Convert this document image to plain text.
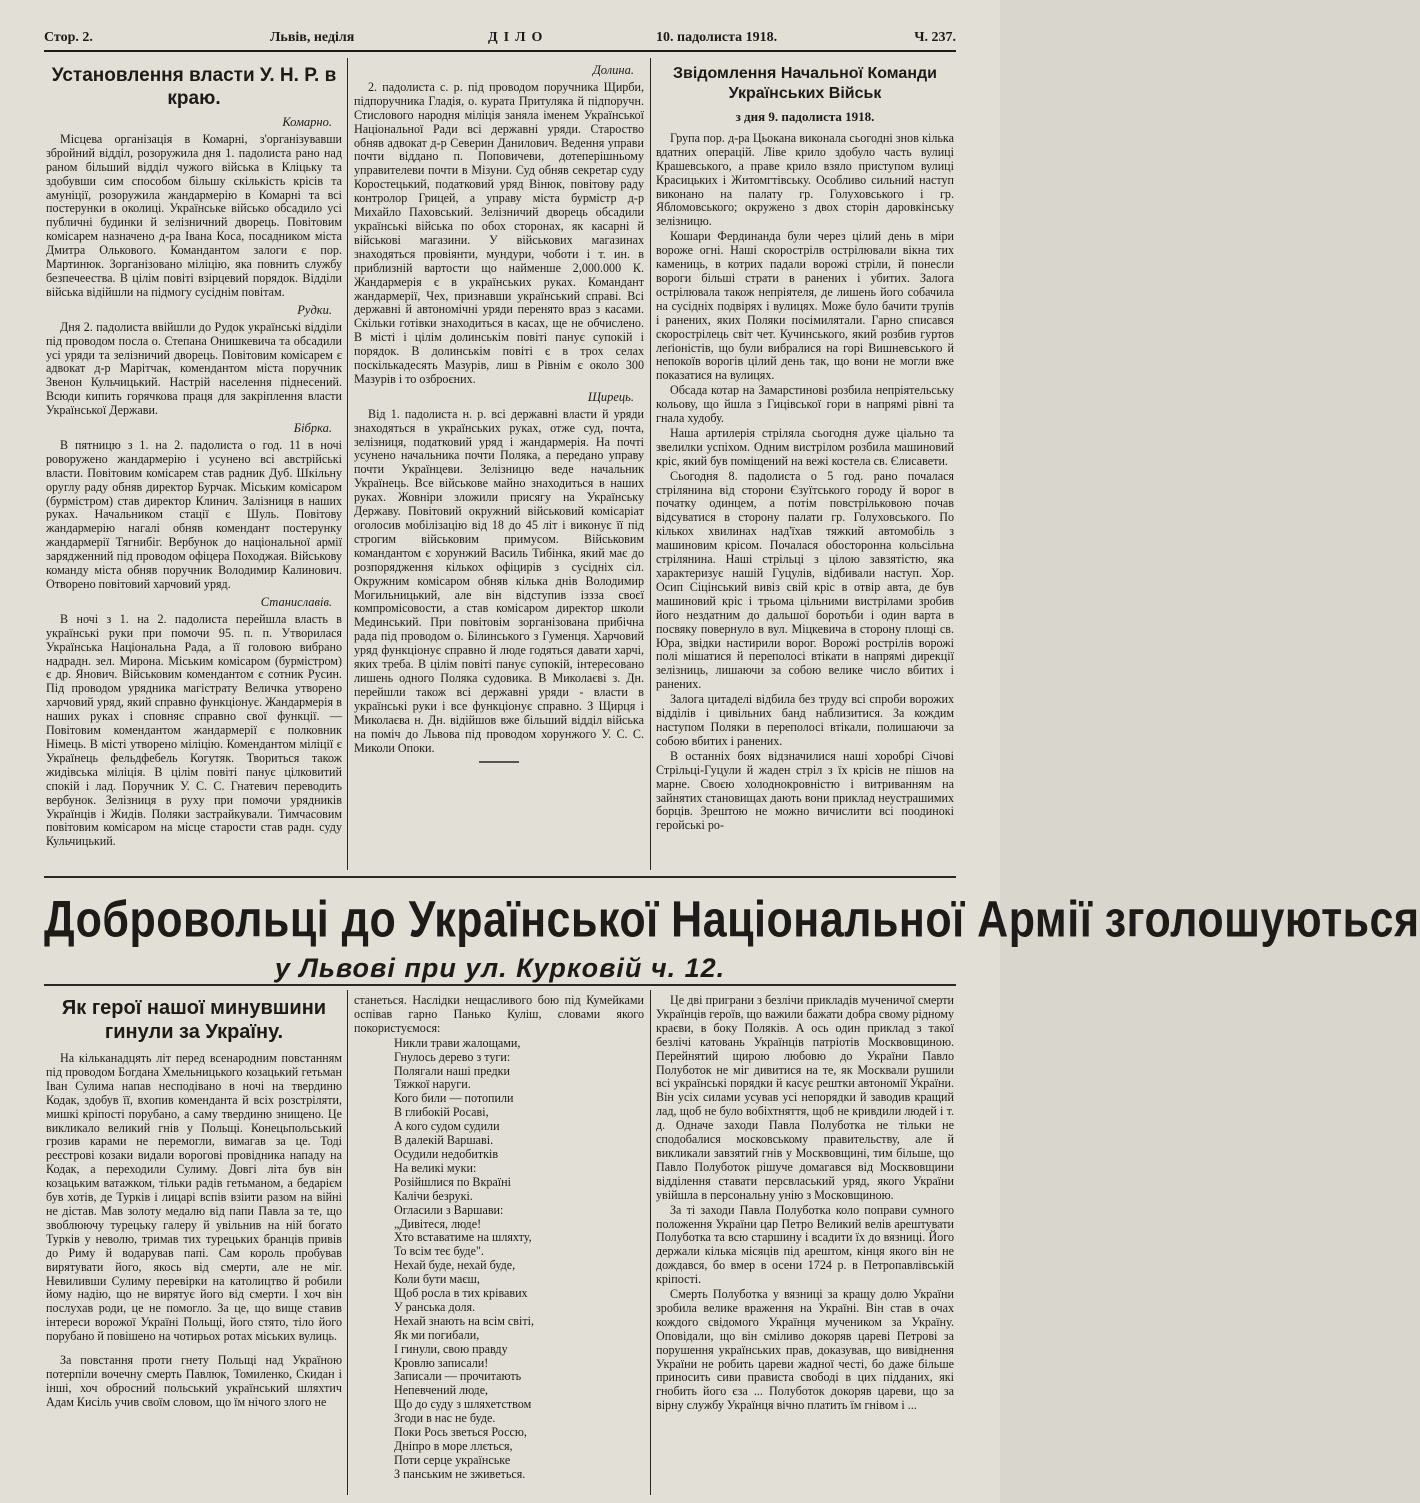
Стор. 2.	Львів, неділя	ДІЛО	10. падолиста 1918.	Ч. 237.
Установлення власти У. Н. Р. в краю.
Комарно.

Місцева організація в Комарні, з'організувавши збройний відділ, розоружила дня 1. падолиста рано над раном більший відділ чужого війська в Кліцьку та здобувши сим способом більшу скількість крісів та амуніції, розоружила жандармерію в Комарні та всі постерунки в околиці. Українське військо обсадило усі публичні будинки й зелізничний дворець. Повітовим комісарем назначено д-ра Івана Коса, посадником міста Дмитра Олькового. Командантом залоги є пор. Мартинюк. Зорганізовано міліцію, яка повнить службу безпечеества. В цілім повіті взірцевий порядок. Відділи війська відійшли на підмогу сусіднім повітам.

Рудки.

Дня 2. падолиста ввійшли до Рудок українські відділи під проводом посла о. Степана Онишкевича та обсадили усі уряди та зелізничий дворець. Повітовим комісарем є адвокат д-р Марітчак, комендантом міста поручник Звенон Кульчицький. Настрій населення піднесений. Всюди кипить горячкова праця для закріплення власти Української Держави.

Бібрка.

В пятницю з 1. на 2. падолиста о год. 11 в ночі роворужено жандармерію і усунено всі австрійські власти. Повітовим комісарем став радник Дуб. Шкільну оруглу раду обняв директор Бурчак. Міським комісаром (бурмістром) став директор Клинич. Залізниця в наших руках. Начальником стації є Шуль. Повітову жандармерію нагалі обняв комендант постерунку жандармерії Тягнибіг. Вербунок до національної армії зарядженний під проводом офіцера Походжая. Військову команду міста обняв поручник Володимир Калинович. Отворено повітовий харчовий уряд.

Станиславів.

В ночі з 1. на 2. падолиста перейшла власть в українські руки при помочи 95. п. п. Утворилася Українська Національна Рада, а її головою вибрано надрадн. зел. Мирона. Міським комісаром (бурмістром) є др. Янович. Військовим комендантом є сотник Русин. Під проводом урядника магістрату Величка утворено харчовий уряд, який справно функціонує. Жандармерія в наших руках і сповняє справно свої функції. — Повітовим комендантом жандармерії є полковник Німець. В місті утворено міліцію. Комендантом міліції є Українець фельдфебель Когутяк. Твориться також жидівська міліція. В цілім повіті панує цілковитий спокій і лад. Поручник У. С. С. Гнатевич переводить вербунок. Зелізниця в руху при помочи урядників Українців і Жидів. Поляки застрайкували. Тимчасовим повітовим комісаром на місце старости став радн. суду Кульчицький.

Долина.

2. падолиста с. р. під проводом поручника Щирби, підпоручника Гладія, о. курата Притуляка й підпоручн. Стислового народня міліція заняла іменем Української Національної Ради всі державні уряди. Староство обняв адвокат д-р Северин Данилович. Ведення управи почти віддано п. Поповичеви, дотеперішньому управителеви почти в Мізуни. Суд обняв секретар суду Коростецький, податковий уряд Вінюк, повітову раду контролор Грицей, а управу міста бурмістр д-р Михайло Паховський. Зелізничий дворець обсадили українські війська по обох сторонах, як касарні й військові магазини. У військових магазинах знаходяться провіянти, мундури, чоботи і т. ин. в приблизній вартости що найменше 2,000.000 К. Жандармерія є в українських руках. Командант жандармерії, Чех, признавши український справі. Всі державні й автономічні уряди перенято враз з касами. Скільки готівки знаходиться в касах, ще не обчислено. В місті і цілім долинськім повіті панує супокій і порядок. В долинськім повіті є в трох селах поскількадесять Мазурів, лиш в Рівнім є около 300 Мазурів і то озброєних.

Щирець.

Від 1. падолиста н. р. всі державні власти й уряди знаходяться в українських руках, отже суд, почта, зелізниця, податковий уряд і жандармерія. На почті усунено начальника почти Поляка, а передано управу почти Українцеви. Зелізницю веде начальник Українець. Все військове майно знаходиться в наших руках. Жовніри зложили присягу на Українську Державу. Повітовий окружний військовий комісаріат оголосив мобілізацію від 18 до 45 літ і виконує її під строгим військовим примусом. Військовим командантом є хорунжий Василь Тибінка, який має до розпорядження кількох офіцирів з сусідніх сіл. Окружним комісаром обняв кілька днів Володимир Могильницький, але він відступив іззза своєї компромісовости, а став комісаром директор школи Мединський. При повітовім зорганізована прибічна рада під проводом о. Білинського з Гуменця. Харчовий уряд функціонує справно й люде годяться давати харчі, яких треба. В цілім повіті панує супокій, інтересовано лишень одного Поляка судовика. В Миколаєві з. Дн. перейшли також всі державні уряди - власти в українські руки і все функціонує справно. З Щирця і Миколаєва н. Дн. відійшов вже більший відділ війська на поміч до Львова під проводом хорунжого У. С. С. Миколи Опоки.

Звідомлення Начальної Команди
Українських Військ
з дня 9. падолиста 1918.

Група пор. д-ра Цьокана виконала сьогодні знов кілька вдатних операцій. Ліве крило здобуло часть вулиці Крашевського, а праве крило взяло приступом вулиці Красицьких і Житомгтівську. Особливо сильний наступ виконано на палату гр. Голуховського і гр. Ябломовського; окружено з двох сторін даровкінську зелізницю.

Кошари Фердинанда були через цілий день в міри вороже огні. Наші скорострілв острілювали вікна тих камениць, в котрих падали ворожі стріли, й понесли вороги більші страти в ранених і убитих. Залога острілювала також непріятеля, де лишень його собачила на сусідніх подвірях і вулицях. Може було бачити трупів і ранених, яких Поляки посімилятали. Гарно списався скорострілець світ чет. Кучинського, який розбив гуртов леґіоністів, що були вибралися на горі Вишневського й непокоїв ворогів цілий день так, що вони не могли вже показатися на вулицях.

Обсада котар на Замарстинові розбила непріятельську кольову, що йшла з Гицівської гори в напрямі рівні та гнала худобу.

Наша артилерія стріляла сьогодня дуже ціально та звелилки успіхом. Одним вистрілом розбила машиновий кріс, який був поміщений на вежі костела св. Єлисавети.

Сьогодня 8. падолиста о 5 год. рано почалася стрілянина від сторони Єзуїтського городу й ворог в початку одинцем, а потім повстрільковою почав відсуватися в сторону палати гр. Голуховського. По кількох хвилинах над'їхав тяжкий автомобіль з машиновим крісом. Почалася обосторонна кольсільна стрілянина. Наші стрільці з цілою завзятістю, яка характеризує нашій Гуцулів, відбивали наступ. Хор. Осип Сіцінський вивіз свій кріс в отвір авта, де був машиновий кріс і трьома цільними вистрілами зробив його нездатним до дальшої боротьби і один варта в посвяку повернуло в вул. Міцкевича в сторону площі св. Юра, звідки настирили ворог. Ворожі рострілів ворожі полі мішатися й переполосі втікати в напрямі дирекції зелізниць, лишаючи за собою велике число вбитих і ранених.

Залога цитаделі відбила без труду всі спроби ворожих відділів і цивільних банд наблизитися. За кождим наступом Поляки в переполосі втікали, полишаючи за собою вбитих і ранених.

В останніх боях відзначилися наші хоробрі Січові Стрільці-Гуцули й жаден стріл з їх крісів не пішов на марне. Своєю холоднокровністю і витриванням на зайнятих становищах дають вони приклад неустрашимих борців. Зрештою не можно вичислити всі поодинокі геройські ро-

Добровольці до Української Національної Армії зголошуються
у Львові при ул. Курковій ч. 12.
Як герої нашої минувшини гинули за Україну.

На кільканадцять літ перед всенародним повстанням під проводом Богдана Хмельницького козацький гетьман Іван Сулима напав несподівано в ночі на твердиню Кодак, здобув її, вхопив коменданта й всіх розстріляти, мишкі кріпості порубано, а саму твердиню знищено. Це викликало великий гнів у Польщі. Конецьпольський грозив карами не перемогли, вимагав за це. Тоді реєстрові козаки видали ворогові провідника нападу на Кодак, а переходили Сулиму. Довгі літа був він козацьким ватажком, тільки радів гетьманом, а бедарієм був хотів, де Турків і лицарі вспів взіити разом на війні не дістав. Мав золоту медалю від папи Павла за те, що звоблюючу турецьку галеру й увільнив на ній богато Турків у неволю, тримав тих турецьких бранців привів до Риму й водарував папі. Сам король пробував вирятувати його, якось від смерти, але не міг. Невиливши Сулиму перевірки на католицтво й робили йому надію, що не вирятує його від смерти. І хоч він послухав роди, це не помогло. За це, що вище ставив інтереси ворожої Україні Польщі, його стято, тіло його порубано й повішено на чотирьох ротах міських вулиць.

За повстання проти гнету Польщі над Україною потерпіли вочечну смерть Павлюк, Томиленко, Скидан і інші, хоч обросний польський український шляхтич Адам Кисіль учив своїм словом, що їм нічого злого не

станеться. Наслідки нещасливого бою під Кумейками оспівав гарно Панько Куліш, словами якого покористуємося:

Никли трави жалощами,
Гнулось дерево з туги:
Полягали наші предки
Тяжкої наруги.
Кого били — потопили
В глибокій Росаві,
А кого судом судили
В далекій Варшаві.
Осудили недобитків
На великі муки:
Розійшлися по Вкраїні
Калічи безрукі.
Оглаcили з Варшави:
„Дивітеся, люде!
Хто вставатиме на шляхту,
То всім теє буде".
Нехай буде, нехай буде,
Коли бути маєш,
Щоб росла в тих крівавих
У ранська доля.
Нехай знають на всім світі,
Як ми погибали,
І гинули, свою правду
Кровлю записали!
Записали — прочитають
Непевчений люде,
Що до суду з шляхетством
Згоди в нас не буде.
Поки Рось зветься Россю,
Дніпро в море ллється,
Поти серце українське
З панським не зживеться.

Це дві приграни з безлічи прикладів мученичої смерти Українців героїв, що важили бажати добра свому рідному краєви, в боку Поляків. А ось один приклад з такої безлічі катовань Українців патріотів Москвовщиною. Перейнятий щирою любовю до України Павло Полуботок не міг дивитися на те, як Москвали рушили всі українські порядки й касує рештки автономії України. Він усіх силами усував усі непорядки й заводив кращий лад, щоб не було вобіхтняття, щоб не кривдили людей і т. д. Одначе заходи Павла Полуботка не тільки не сподобалися московському правительству, але й викликали завзятий гнів у Москвовщині, тим більше, що Павло Полуботок рішуче домагався від Москвовщини відділення ставати персвласький уряд, якого України увійшла в персональну унію з Московщиною.

За ті заходи Павла Полуботка коло поправи сумного положення України цар Петро Великий велів арештувати Полуботка та всю старшину і всадити їх до вязниці. Його держали кілька місяців під арештом, кінця якого він не дождався, бо вмер в осени 1724 р. в Петропавлівській кріпості.

Смерть Полуботка у вязниці за кращу долю України зробила велике враження на Україні. Він став в очах кождого свідомого Українця мучеником за Україну. Оповідали, що він сміливо докоряв цареві Петрові за порушення українських прав, доказував, що вивіднення України не робить цареви жадної честі, бо даже більше приносить сиви прависта свободі в цих підданих, які гнобить його єза ... Полуботок докоряв цареви, що за вірну службу Українця вічно платить їм гнівом і ...
